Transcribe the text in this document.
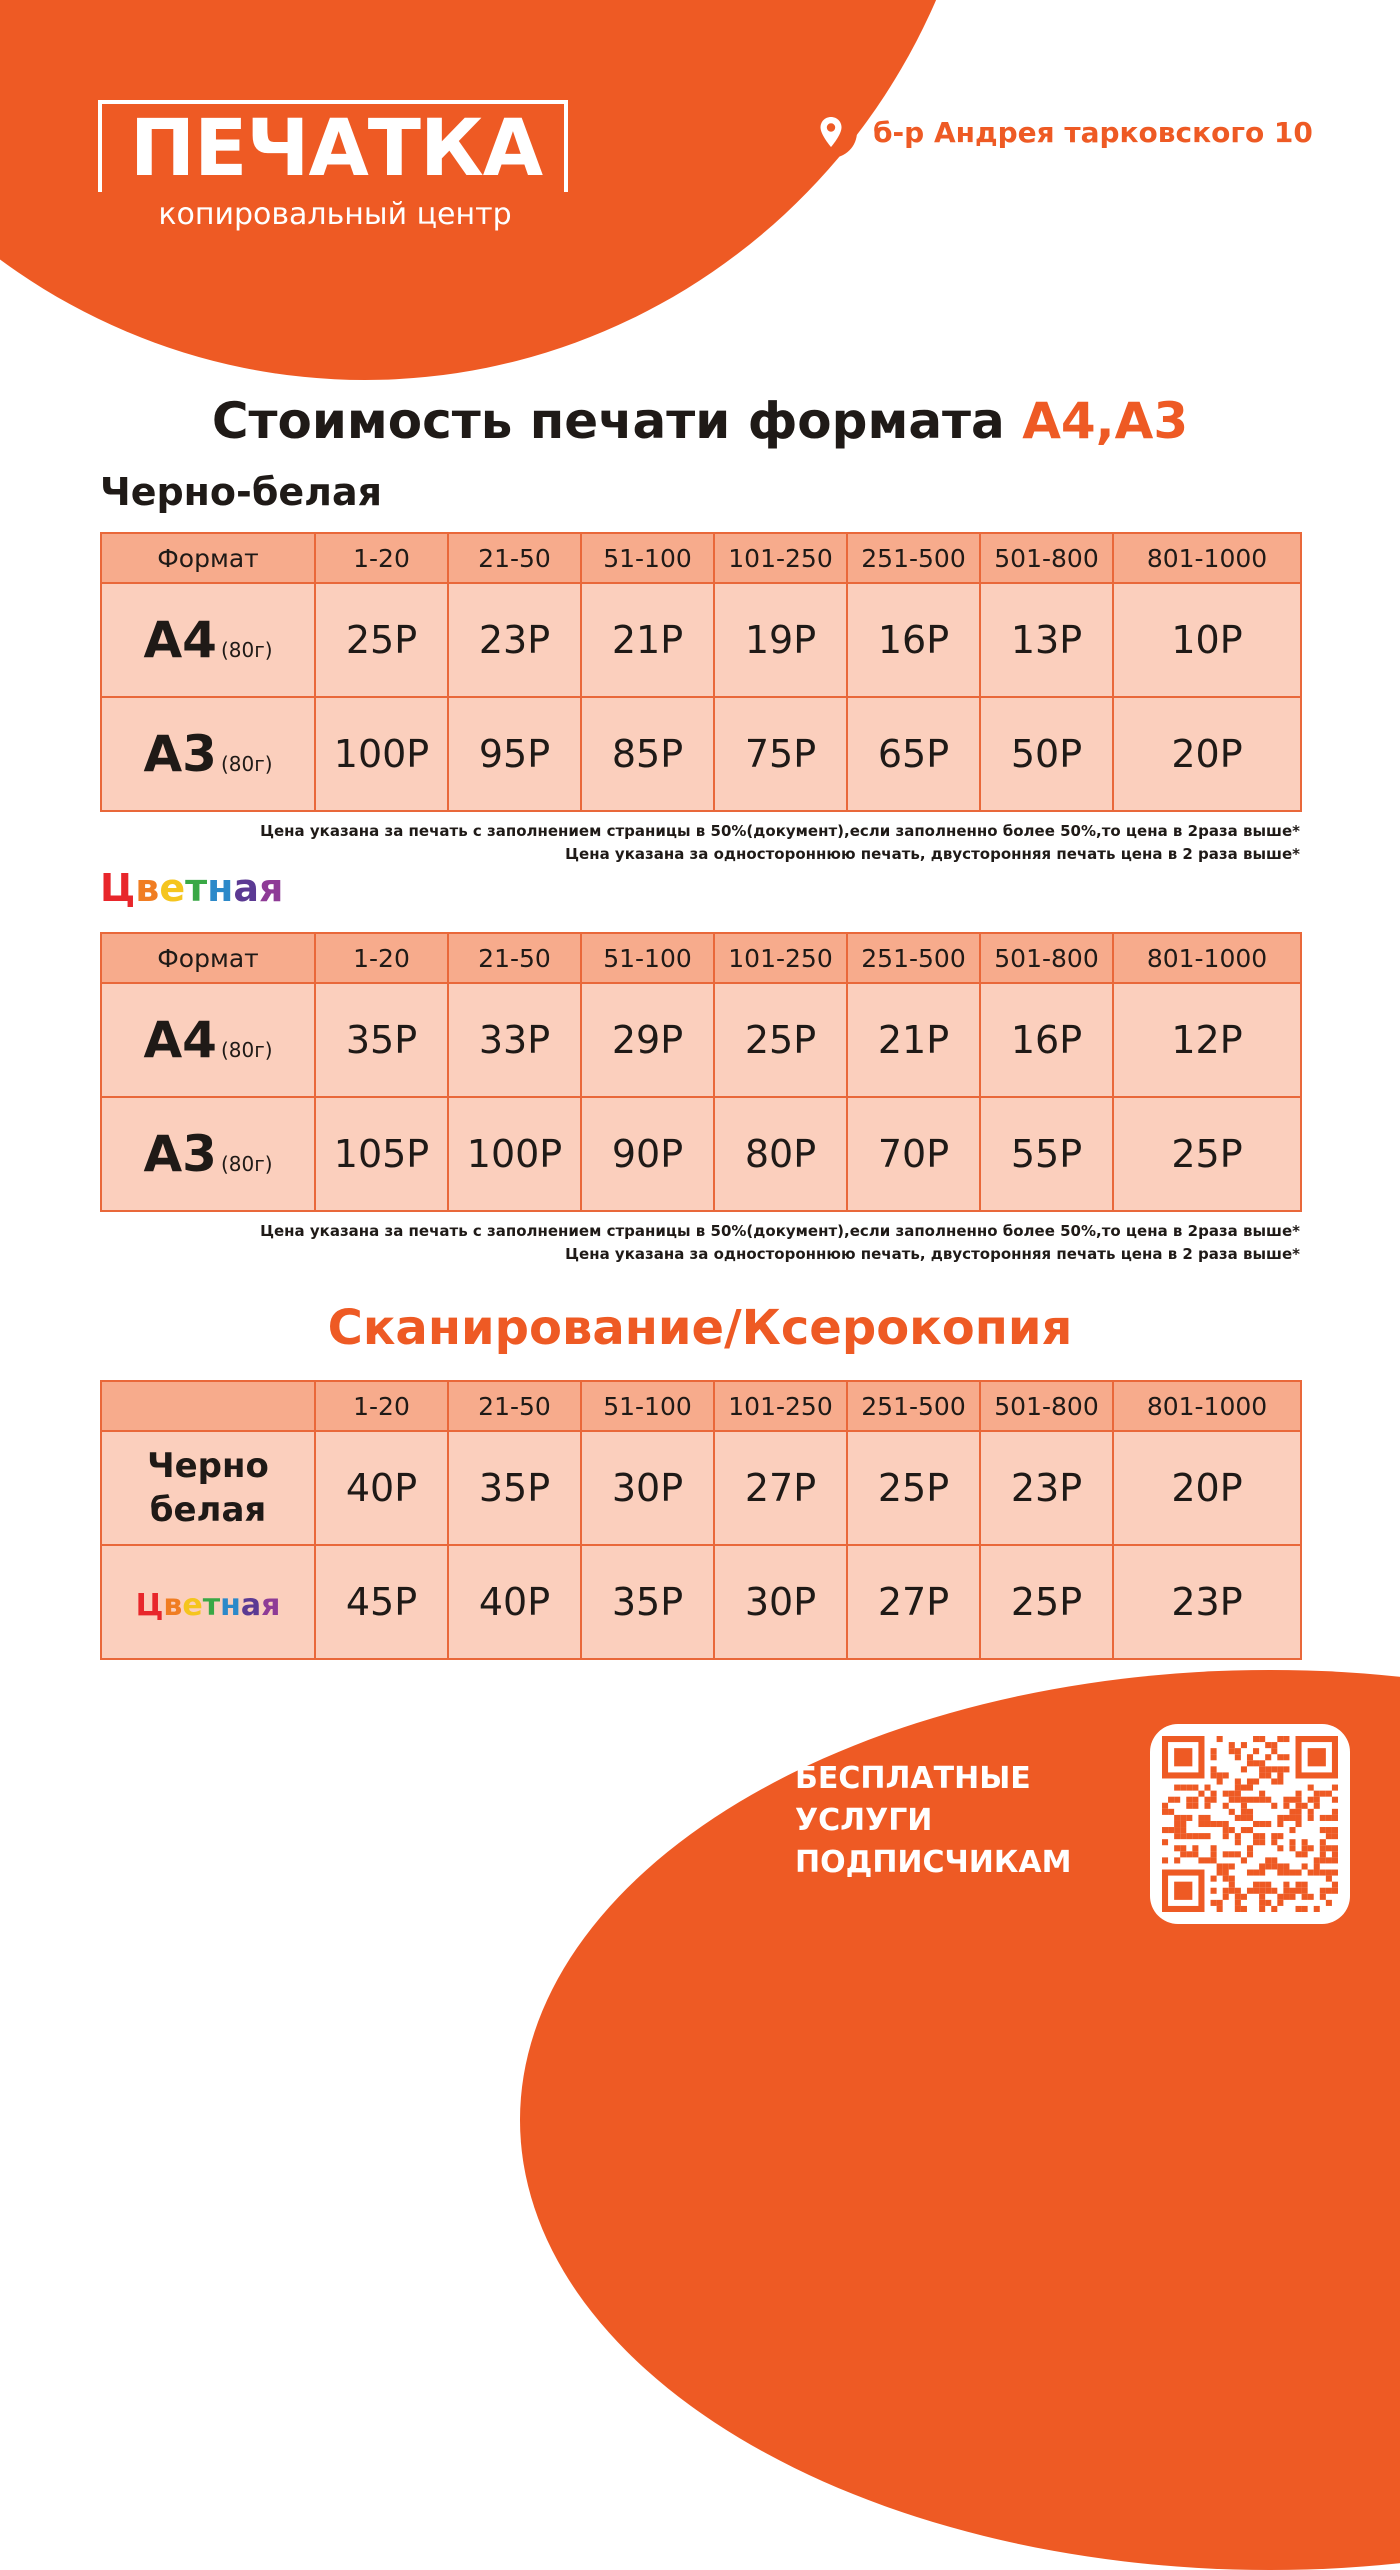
ПЕЧАТКА
копировальный центр
б-р Андрея тарковского 10
Стоимость печати формата А4,А3
Черно-белая
Формат	1-20	21-50	51-100	101-250	251-500	501-800	801-1000
А4 (80г)	25Р	23Р	21Р	19Р	16Р	13Р	10Р
А3 (80г)	100Р	95Р	85Р	75Р	65Р	50Р	20Р
Цена указана за печать с заполнением страницы в 50%(документ),если заполненно более 50%,то цена в 2раза выше*
Цена указана за одностороннюю печать, двусторонняя печать цена в 2 раза выше*
Цветная
Формат	1-20	21-50	51-100	101-250	251-500	501-800	801-1000
А4 (80г)	35Р	33Р	29Р	25Р	21Р	16Р	12Р
А3 (80г)	105Р	100Р	90Р	80Р	70Р	55Р	25Р
Цена указана за печать с заполнением страницы в 50%(документ),если заполненно более 50%,то цена в 2раза выше*
Цена указана за одностороннюю печать, двусторонняя печать цена в 2 раза выше*
Сканирование/Ксерокопия
	1-20	21-50	51-100	101-250	251-500	501-800	801-1000

Черно
белая	40Р	35Р	30Р	27Р	25Р	23Р	20Р
Цветная	45Р	40Р	35Р	30Р	27Р	25Р	23Р
БЕСПЛАТНЫЕ
УСЛУГИ
ПОДПИСЧИКАМ
